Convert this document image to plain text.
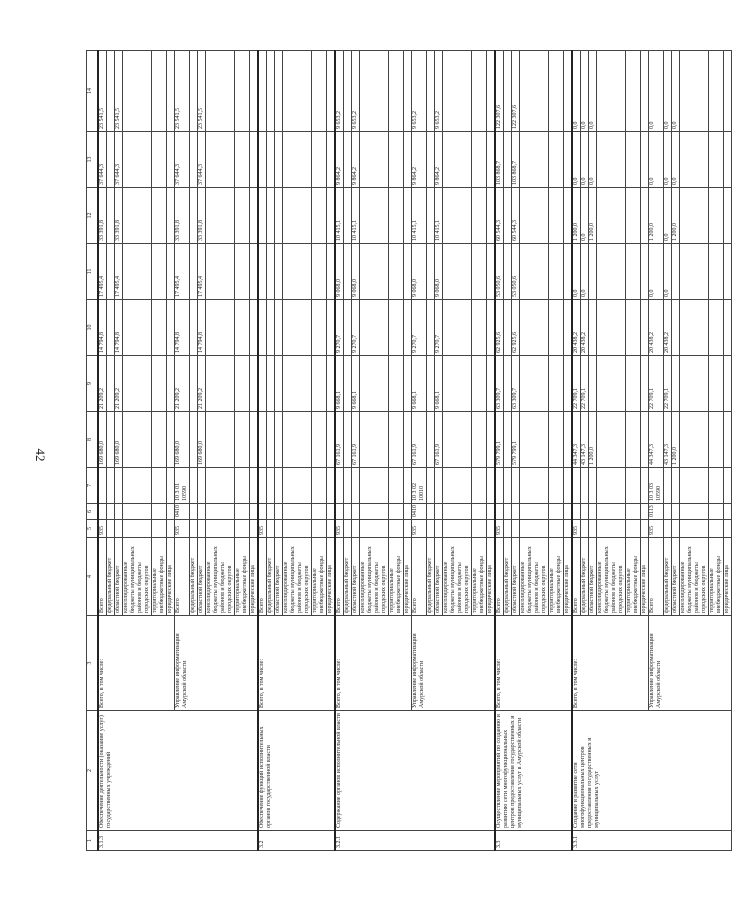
42
1	2	3	4	5	6	7	8	9	10	11	12	13	14	
3.1.3	Обеспечение деятельности (оказание услуг) государственных учреждений	Всего, в том числе:	Всего	935			169 680,0	21 209,2	14 794,8	17 495,4	33 391,8	37 644,3	23 541,5	
			федеральный бюджет											
			областной бюджет				169 680,0	21 209,2	14 794,8	17 495,4	33 391,8	37 644,3	23 541,5	
			консолидированные бюджеты муниципальных районов и бюджеты городских округов											
			территориальные внебюджетные фонды											
			юридические лица											
		Управление информатизации Амурской области	Всего	935	0410	10 3 01 10590	169 680,0	21 209,2	14 794,8	17 495,4	33 391,8	37 644,3	23 541,5	
			федеральный бюджет											
			областной бюджет				169 680,0	21 209,2	14 794,8	17 495,4	33 391,8	37 644,3	23 541,5	
			консолидированные бюджеты муниципальных районов и бюджеты городских округов											
			территориальные внебюджетные фонды											
			юридические лица											
3.2	Обеспечение функций исполнительных органов государственной власти	Всего, в том числе:	Всего	935										
			федеральный бюджет											
			областной бюджет											
			консолидированные бюджеты муниципальных районов и бюджеты городских округов											
			территориальные внебюджетные фонды											
			юридические лица											
3.2.1	Содержание органов исполнительной власти	Всего, в том числе:	Всего	935			67 161,9	9 668,1	9 270,7	9 068,0	10 415,1	9 864,2	9 653,2	
			федеральный бюджет											
			областной бюджет				67 161,9	9 668,1	9 270,7	9 068,0	10 415,1	9 864,2	9 653,2	
			консолидированные бюджеты муниципальных районов и бюджеты городских округов											
			территориальные внебюджетные фонды											
			юридические лица											
		Управление информатизации Амурской области	Всего	935	0410	10 3 02 10010	67 161,9	9 668,1	9 270,7	9 068,0	10 415,1	9 864,2	9 653,2	
			федеральный бюджет											
			областной бюджет				67 161,9	9 668,1	9 270,7	9 068,0	10 415,1	9 864,2	9 653,2	
			консолидированные бюджеты муниципальных районов и бюджеты городских округов											
			территориальные внебюджетные фонды											
			юридические лица											
3.3	Осуществление мероприятий по созданию и развитию сети многофункциональных центров предоставления государственных и муниципальных услуг в Амурской области	Всего, в том числе:	Всего	935			579 799,1	63 309,7	62 925,6	53 050,6	60 544,3	103 868,7	122 307,6	
			федеральный бюджет											
			областной бюджет				579 799,1	63 309,7	62 925,6	53 050,6	60 544,3	103 868,7	122 307,6	
			консолидированные бюджеты муниципальных районов и бюджеты городских округов											
			территориальные внебюджетные фонды											
			юридические лица											
3.3.1	Создание и развитие сети многофункциональных центров предоставления государственных и муниципальных услуг	Всего, в том числе:	Всего	935			44 347,3	22 709,1	20 438,2	0,0	1 200,0	0,0	0,0	
			федеральный бюджет				43 147,3	22 709,1	20 438,2	0,0	0,0	0,0	0,0	
			областной бюджет				1 200,0				1 200,0	0,0	0,0	
			консолидированные бюджеты муниципальных районов и бюджеты городских округов											
			территориальные внебюджетные фонды											
			юридические лица											
		Управление информатизации Амурской области	Всего	935	0113	10 3 03 10590	44 347,3	22 709,1	20 438,2	0,0	1 200,0	0,0	0,0	
			федеральный бюджет				43 147,3	22 709,1	20 438,2	0,0	0,0	0,0	0,0	
			областной бюджет				1 200,0				1 200,0	0,0	0,0	
			консолидированные бюджеты муниципальных районов и бюджеты городских округов											
			территориальные внебюджетные фонды											
			юридические лица											
